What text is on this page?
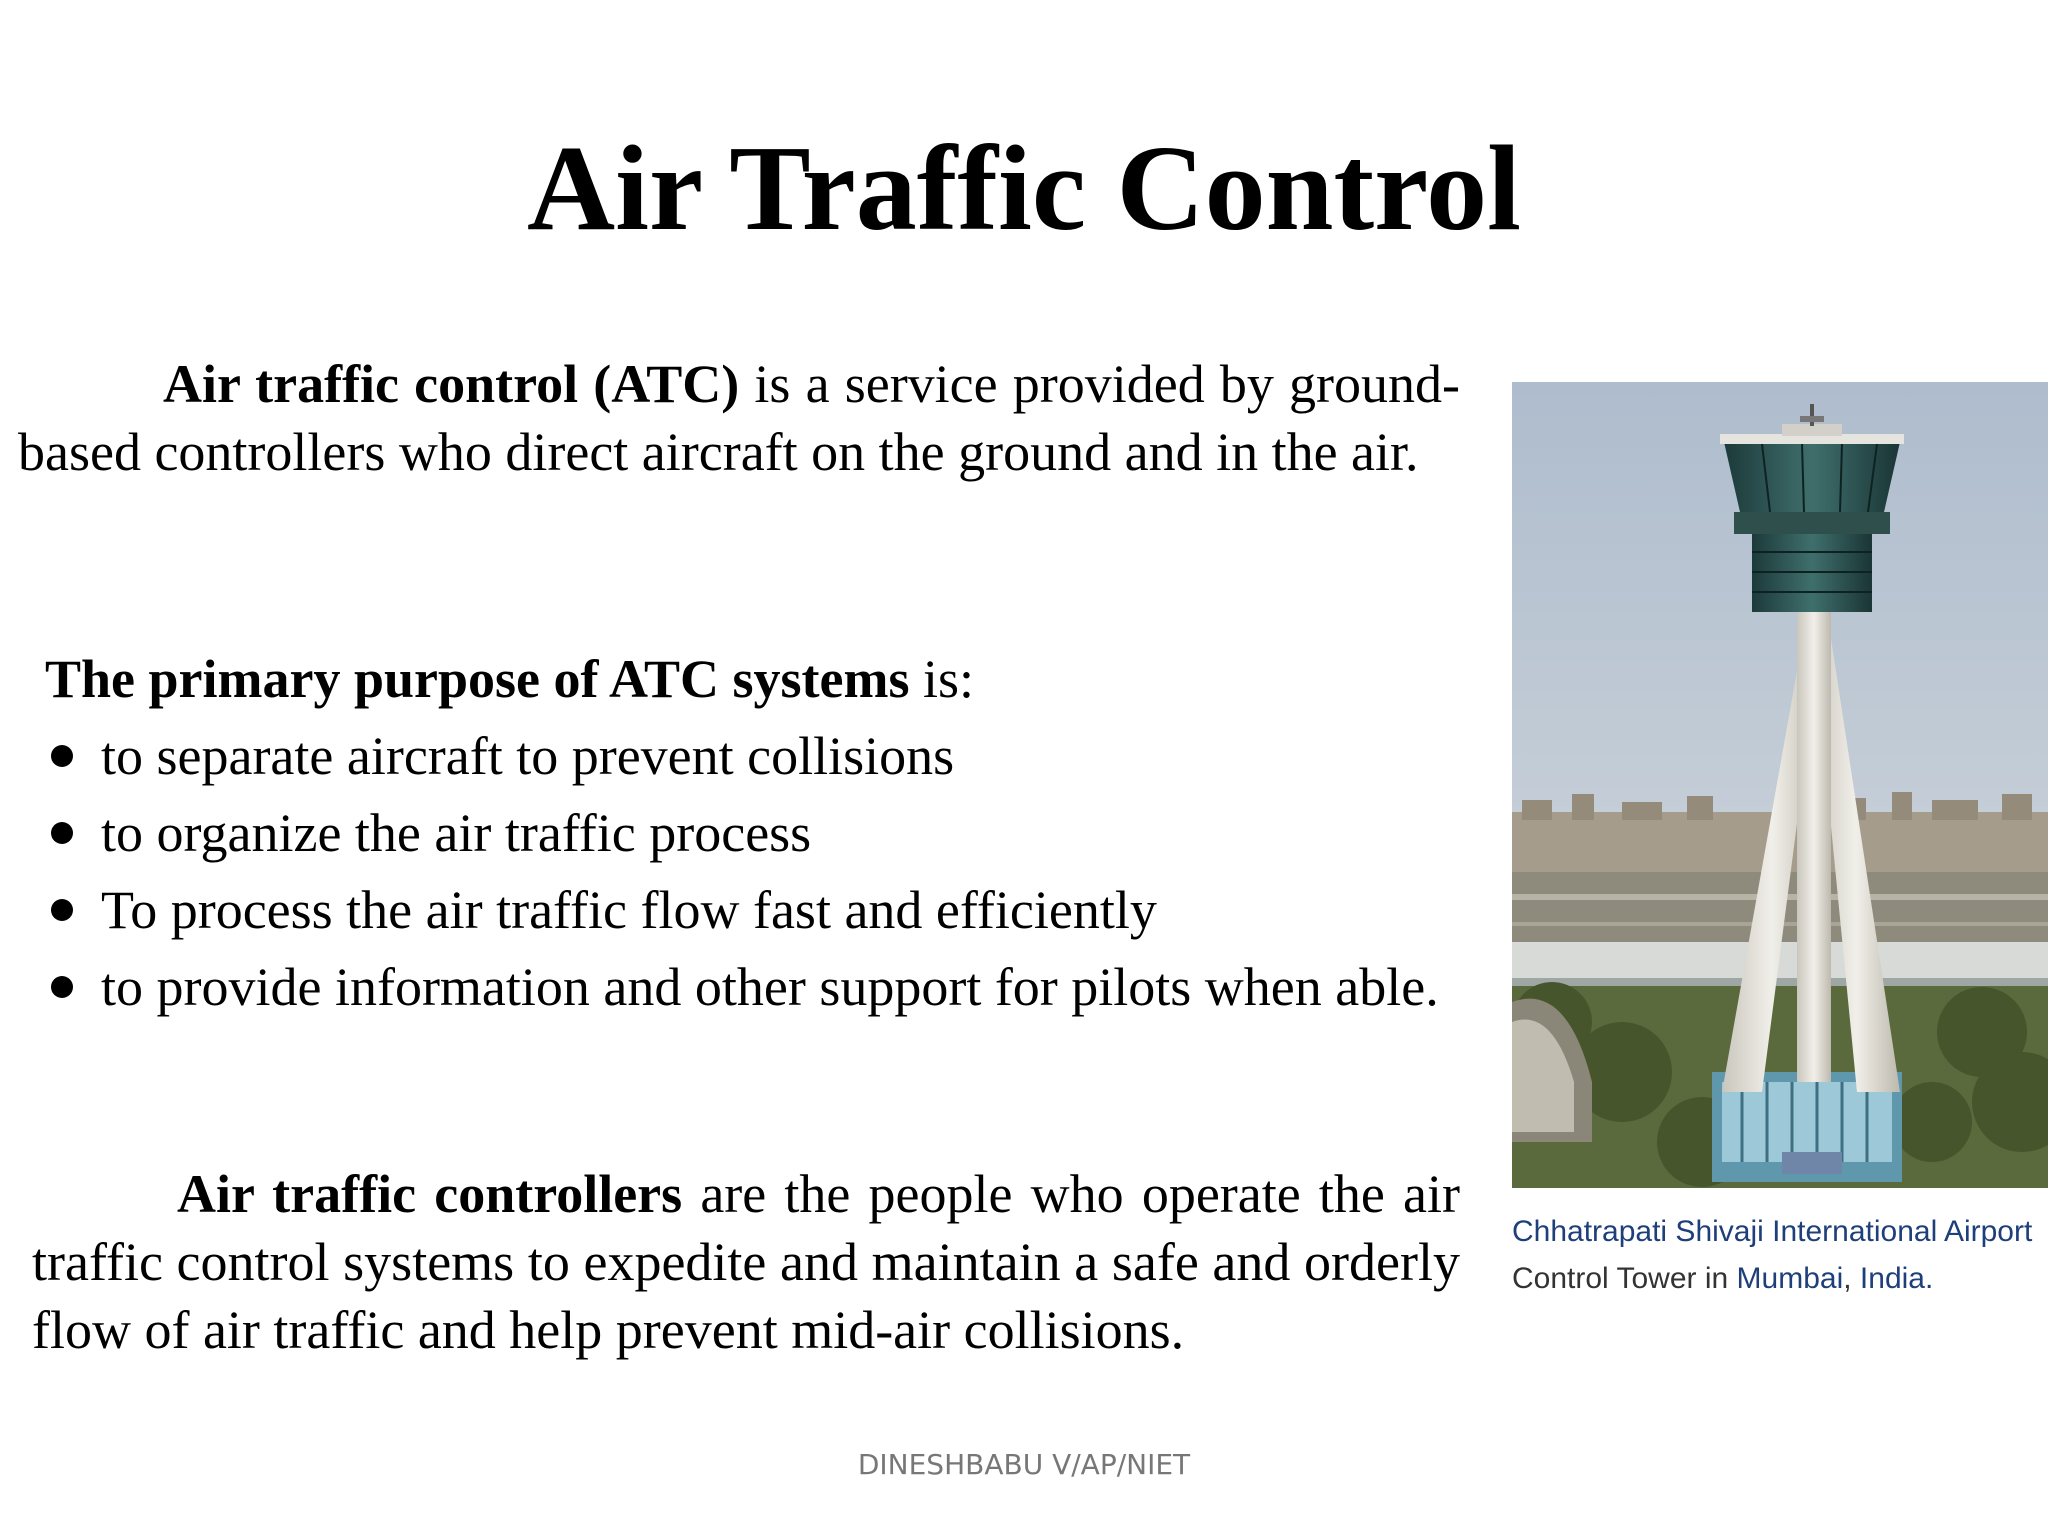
Air Traffic Control
Air traffic control (ATC) is a service provided by ground-based controllers who direct aircraft on the ground and in the air.
The primary purpose of ATC systems is:
to separate aircraft to prevent collisions
to organize the air traffic process
To process the air traffic flow fast and efficiently
to provide information and other support for pilots when able.
Air traffic controllers are the people who operate the air traffic control systems to expedite and maintain a safe and orderly flow of air traffic and help prevent mid-air collisions.
Chhatrapati Shivaji International Airport Control Tower in Mumbai, India.
DINESHBABU V/AP/NIET
